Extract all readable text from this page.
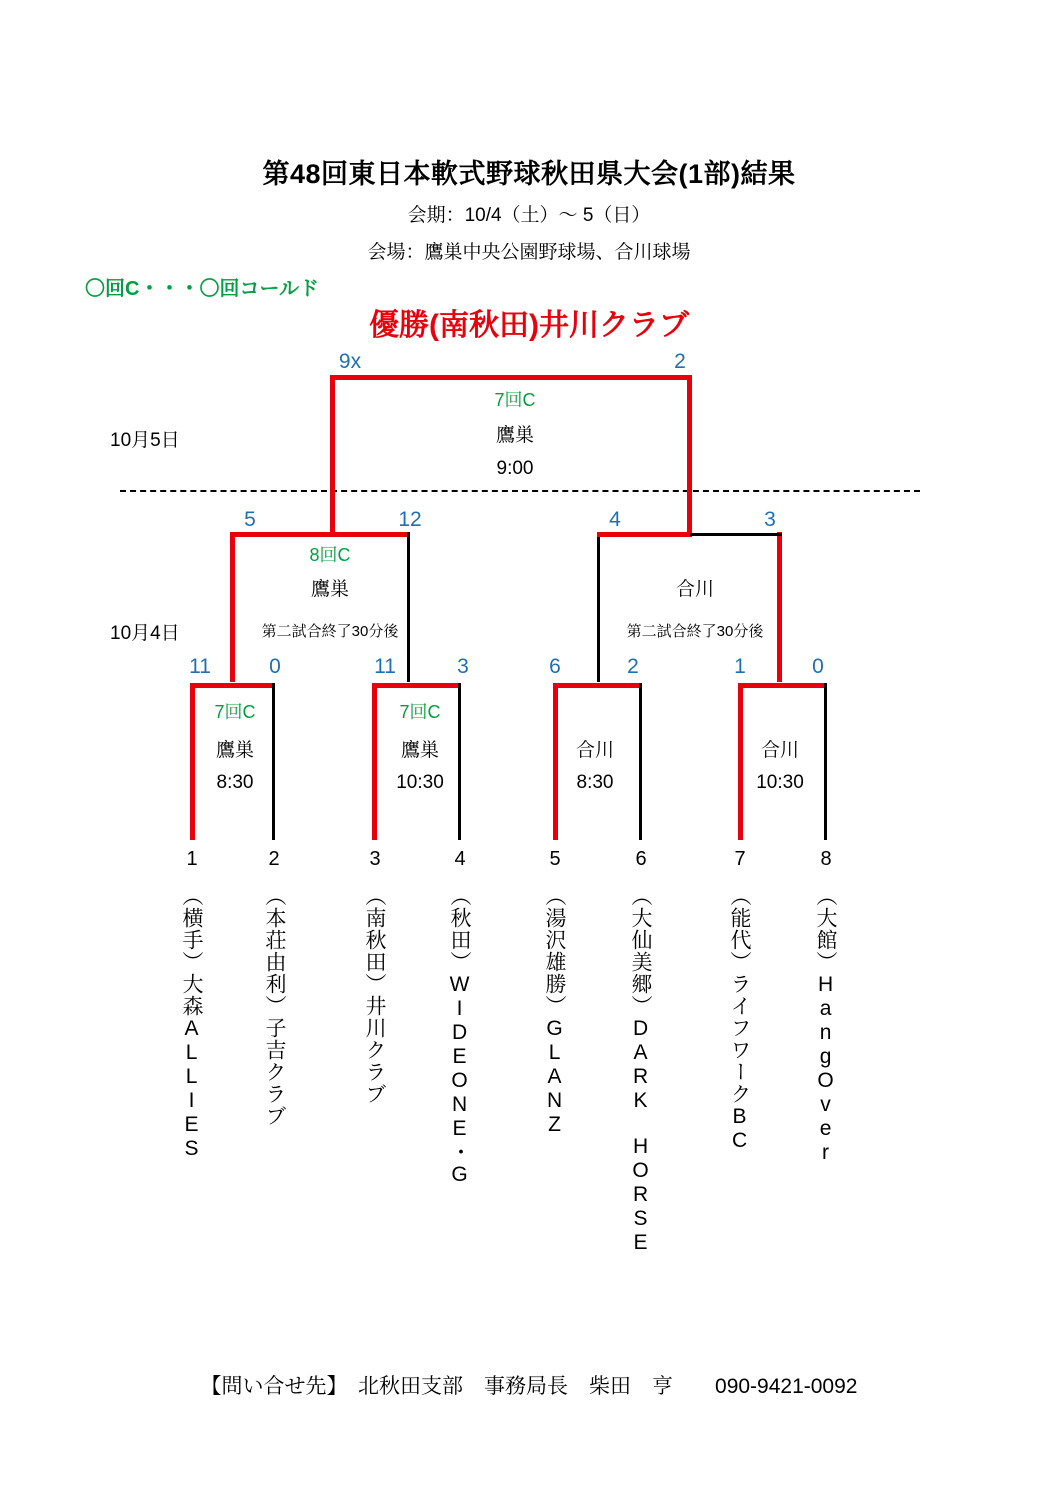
第48回東日本軟式野球秋田県大会(1部)結果
会期：10/4（土）～ 5（日）
会場：鷹巣中央公園野球場、合川球場
〇回C・・・〇回コールド
優勝(南秋田)井川クラブ
10月5日
10月4日
9x	2
7回C
鷹巣
9:00
5	12
8回C
鷹巣
第二試合終了30分後
4	3
合川
第二試合終了30分後
11	0
7回C
鷹巣
8:30
11	3
7回C
鷹巣
10:30
6	2
合川
8:30
1	0
合川
10:30
1	2	3	4	5	6	7	8
（横手）大森ALLIES	（本荘由利）子吉クラブ	（南秋田）井川クラブ	（秋田）WIDEONE・G	（湯沢雄勝）GLANZ	（大仙美郷）DARK　HORSE	（能代）ライフワークBC	（大館）HangOver
【問い合せ先】　北秋田支部　事務局長　柴田　亨　　090-9421-0092
